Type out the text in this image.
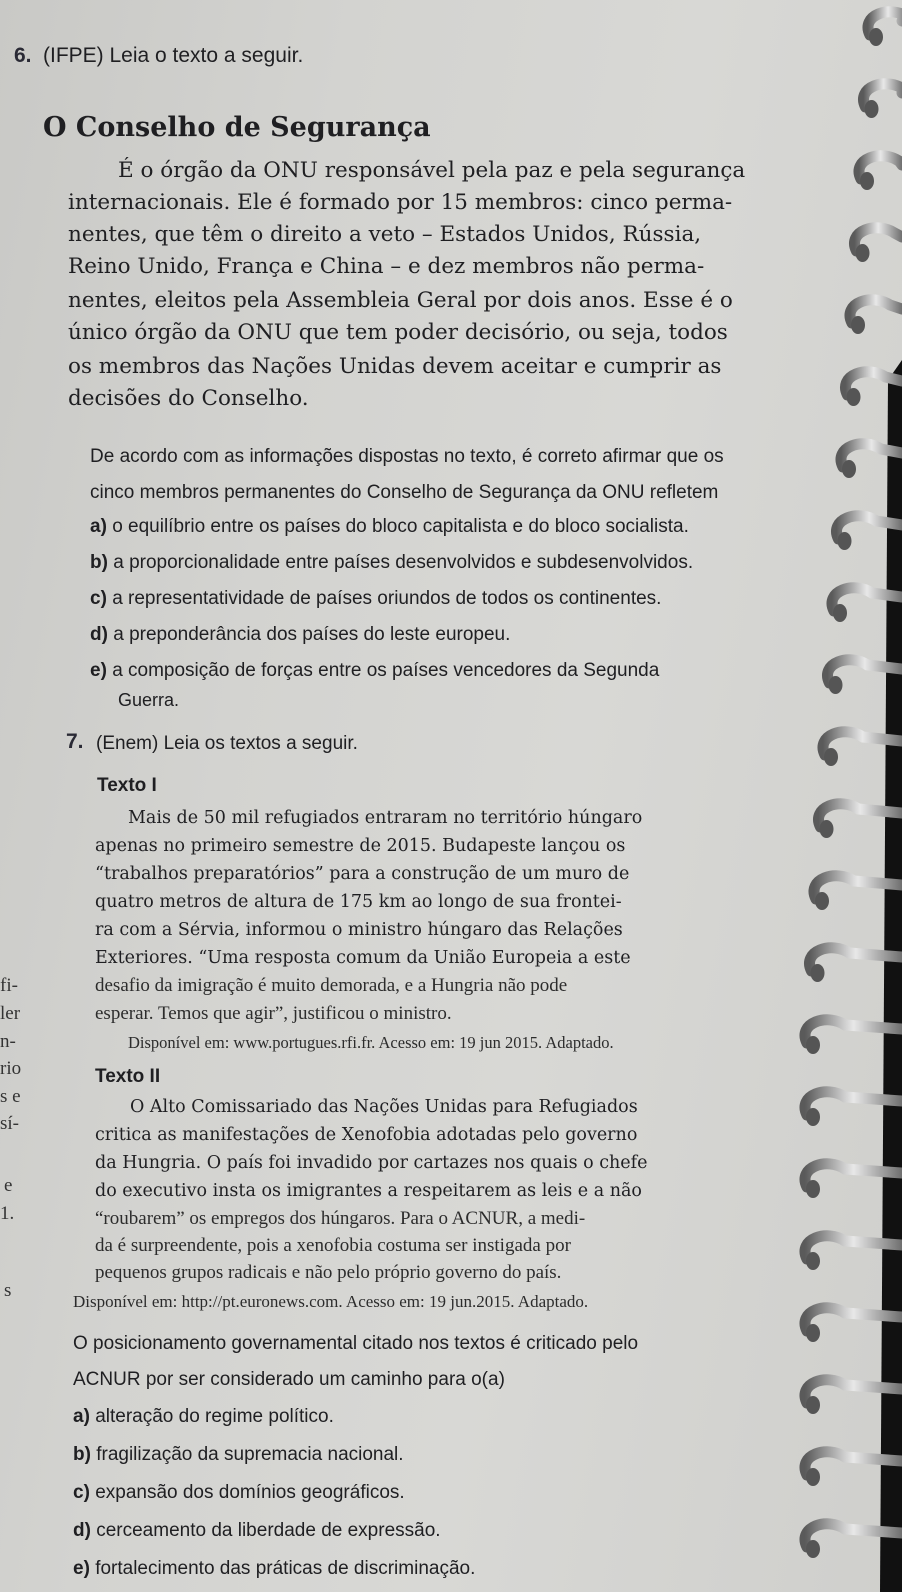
6. (IFPE) Leia o texto a seguir.
O Conselho de Segurança
É o órgão da ONU responsável pela paz e pela segurança
internacionais. Ele é formado por 15 membros: cinco perma-
nentes, que têm o direito a veto – Estados Unidos, Rússia,
Reino Unido, França e China – e dez membros não perma-
nentes, eleitos pela Assembleia Geral por dois anos. Esse é o
único órgão da ONU que tem poder decisório, ou seja, todos
os membros das Nações Unidas devem aceitar e cumprir as
decisões do Conselho.
De acordo com as informações dispostas no texto, é correto afirmar que os
cinco membros permanentes do Conselho de Segurança da ONU refletem
a) o equilíbrio entre os países do bloco capitalista e do bloco socialista.
b) a proporcionalidade entre países desenvolvidos e subdesenvolvidos.
c) a representatividade de países oriundos de todos os continentes.
d) a preponderância dos países do leste europeu.
e) a composição de forças entre os países vencedores da Segunda
Guerra.
7. (Enem) Leia os textos a seguir.
Texto I
Mais de 50 mil refugiados entraram no território húngaro
apenas no primeiro semestre de 2015. Budapeste lançou os
“trabalhos preparatórios” para a construção de um muro de
quatro metros de altura de 175 km ao longo de sua frontei-
ra com a Sérvia, informou o ministro húngaro das Relações
Exteriores. “Uma resposta comum da União Europeia a este
desafio da imigração é muito demorada, e a Hungria não pode
esperar. Temos que agir”, justificou o ministro.
Disponível em: www.portugues.rfi.fr. Acesso em: 19 jun 2015. Adaptado.
Texto II
O Alto Comissariado das Nações Unidas para Refugiados
critica as manifestações de Xenofobia adotadas pelo governo
da Hungria. O país foi invadido por cartazes nos quais o chefe
do executivo insta os imigrantes a respeitarem as leis e a não
“roubarem” os empregos dos húngaros. Para o ACNUR, a medi-
da é surpreendente, pois a xenofobia costuma ser instigada por
pequenos grupos radicais e não pelo próprio governo do país.
Disponível em: http://pt.euronews.com. Acesso em: 19 jun.2015. Adaptado.
O posicionamento governamental citado nos textos é criticado pelo
ACNUR por ser considerado um caminho para o(a)
a) alteração do regime político.
b) fragilização da supremacia nacional.
c) expansão dos domínios geográficos.
d) cerceamento da liberdade de expressão.
e) fortalecimento das práticas de discriminação.
fi-
ler
n-
rio
s e
sí-
e
1.
s
